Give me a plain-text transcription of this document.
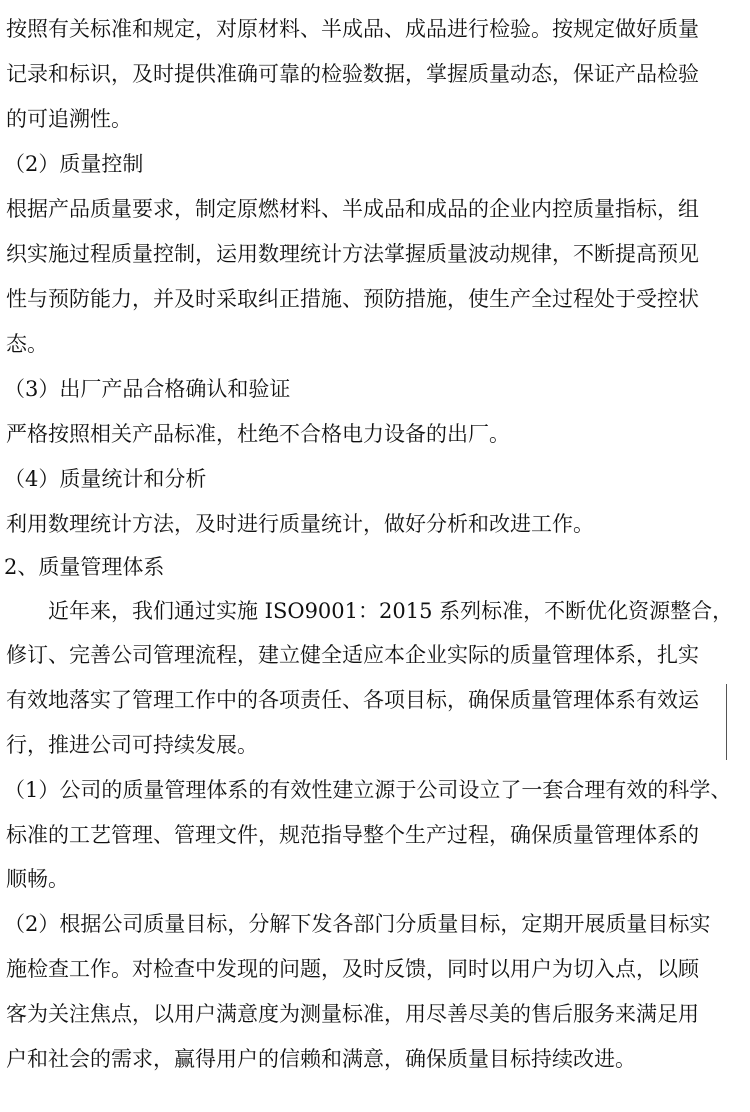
按照有关标准和规定，对原材料、半成品、成品进行检验。按规定做好质量
记录和标识，及时提供准确可靠的检验数据，掌握质量动态，保证产品检验
的可追溯性。
（2）质量控制
根据产品质量要求，制定原燃材料、半成品和成品的企业内控质量指标，组
织实施过程质量控制，运用数理统计方法掌握质量波动规律，不断提高预见
性与预防能力，并及时采取纠正措施、预防措施，使生产全过程处于受控状
态。
（3）出厂产品合格确认和验证
严格按照相关产品标准，杜绝不合格电力设备的出厂。
（4）质量统计和分析
利用数理统计方法，及时进行质量统计，做好分析和改进工作。
2、质量管理体系
近年来，我们通过实施 ISO9001：2015 系列标准，不断优化资源整合，
修订、完善公司管理流程，建立健全适应本企业实际的质量管理体系，扎实
有效地落实了管理工作中的各项责任、各项目标，确保质量管理体系有效运
行，推进公司可持续发展。
（1）公司的质量管理体系的有效性建立源于公司设立了一套合理有效的科学、
标准的工艺管理、管理文件，规范指导整个生产过程，确保质量管理体系的
顺畅。
（2）根据公司质量目标，分解下发各部门分质量目标，定期开展质量目标实
施检查工作。对检查中发现的问题，及时反馈，同时以用户为切入点，以顾
客为关注焦点，以用户满意度为测量标准，用尽善尽美的售后服务来满足用
户和社会的需求，赢得用户的信赖和满意，确保质量目标持续改进。
